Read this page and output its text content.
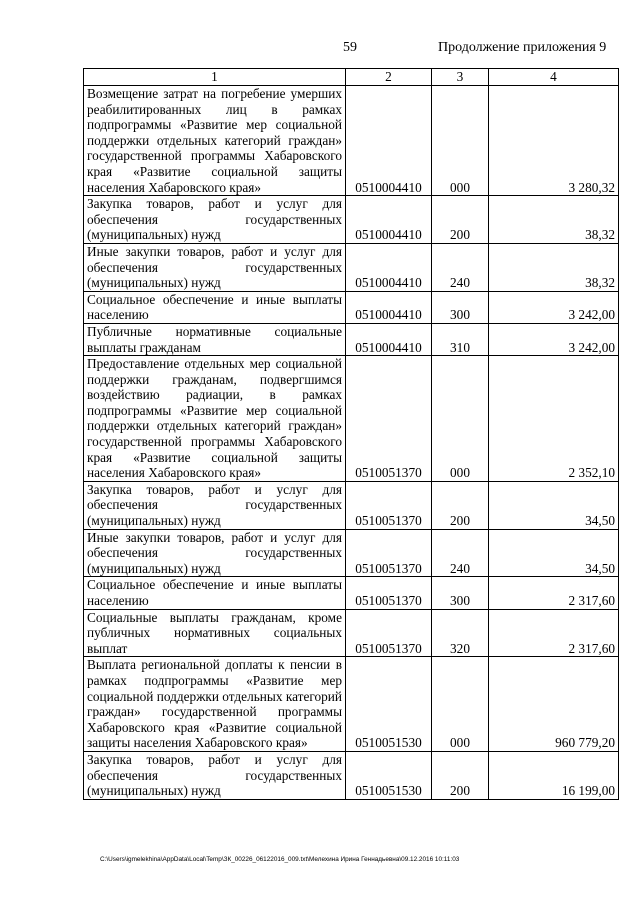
59	Продолжение приложения 9
1	2	3	4
Возмещение затрат на погребение умерших реабилитированных лиц в рамках подпрограммы «Развитие мер социальной поддержки отдельных категорий граждан» государственной программы Хабаровского края «Развитие социальной защиты населения Хабаровского края»	0510004410	000	3 280,32
Закупка товаров, работ и услуг для обеспечения государственных (муниципальных) нужд	0510004410	200	38,32
Иные закупки товаров, работ и услуг для обеспечения государственных (муниципальных) нужд	0510004410	240	38,32
Социальное обеспечение и иные выплаты населению	0510004410	300	3 242,00
Публичные нормативные социальные выплаты гражданам	0510004410	310	3 242,00
Предоставление отдельных мер социальной поддержки гражданам, подвергшимся воздействию радиации, в рамках подпрограммы «Развитие мер социальной поддержки отдельных категорий граждан» государственной программы Хабаровского края «Развитие социальной защиты населения Хабаровского края»	0510051370	000	2 352,10
Закупка товаров, работ и услуг для обеспечения государственных (муниципальных) нужд	0510051370	200	34,50
Иные закупки товаров, работ и услуг для обеспечения государственных (муниципальных) нужд	0510051370	240	34,50
Социальное обеспечение и иные выплаты населению	0510051370	300	2 317,60
Социальные выплаты гражданам, кроме публичных нормативных социальных выплат	0510051370	320	2 317,60
Выплата региональной доплаты к пенсии в рамках подпрограммы «Развитие мер социальной поддержки отдельных категорий граждан» государственной программы Хабаровского края «Развитие социальной защиты населения Хабаровского края»	0510051530	000	960 779,20
Закупка товаров, работ и услуг для обеспечения государственных (муниципальных) нужд	0510051530	200	16 199,00
C:\Users\igmelekhina\AppData\Local\Temp\ЗК_00226_06122016_009.txt\Мелехина Ирина Геннадьевна\09.12.2016 10:11:03
